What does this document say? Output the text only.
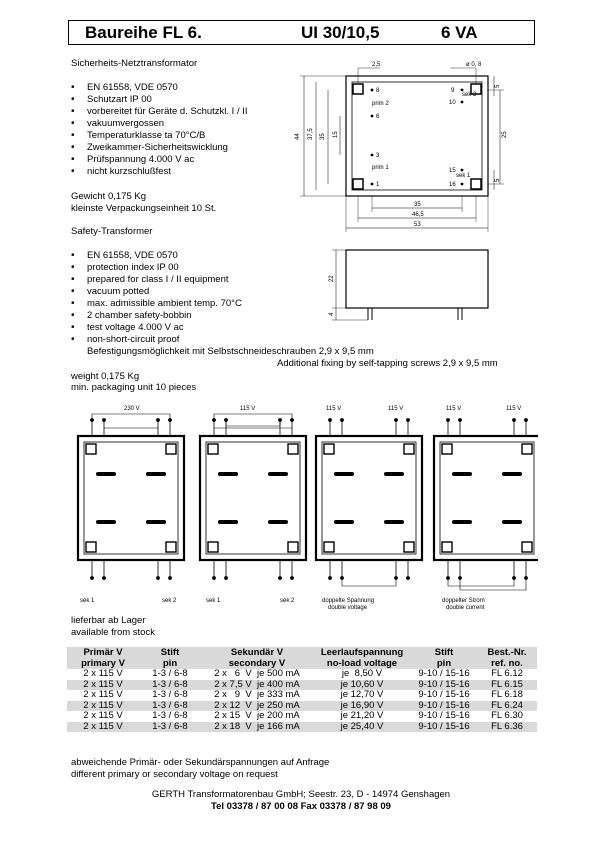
Baureihe FL 6.	UI 30/10,5	6 VA
Sicherheits-Netztransformator
• EN 61558, VDE 0570
• Schutzart IP 00
• vorbereitet für Geräte d. Schutzkl. I / II
• vakuumvergossen
• Temperaturklasse ta 70°C/B
• Zweikammer-Sicherheitswicklung
• Prüfspannung 4.000 V ac
• nicht kurzschlußfest
Gewicht 0,175 Kg
kleinste Verpackungseinheit 10 St.
Safety-Transformer
• EN 61558, VDE 0570
• protection index IP 00
• prepared for class I / II equipment
• vacuum potted
• max. admissible ambient temp. 70°C
• 2 chamber safety-bobbin
• test voltage 4.000 V ac
• non-short-circuit proof
Befestigungsmöglichkeit mit Selbstschneideschrauben 2,9 x 9,5 mm
Additional fixing by self-tapping screws 2,9 x 9,5 mm
weight 0,175 Kg
min. packaging unit 10 pieces
2,5	ø 0, 8
44 37,5 35 15	25
5
5
35
46,5
53
8
6
3
1
9
10
15
16
prim 2
prim 1
sek 2
sek 1
22
4
230 V
sek 1	sek 2
115 V
sek 1	sek 2
115 V	115 V
doppelte Spannung
double voltage
115 V	115 V
doppelter Strom
double current
lieferbar ab Lager
available from stock
Primär V	Stift	Sekundär V	Leerlaufspannung	Stift	Best.-Nr.
primary V	pin	secondary V	no-load voltage	pin	ref. no.
2 x 115 V	1-3 / 6-8	2 x   6  V  je 500 mA	je  8,50 V	9-10 / 15-16	FL 6.12
2 x 115 V	1-3 / 6-8	2 x 7,5 V  je 400 mA	je 10,60 V	9-10 / 15-16	FL 6.15
2 x 115 V	1-3 / 6-8	2 x   9  V  je 333 mA	je 12,70 V	9-10 / 15-16	FL 6.18
2 x 115 V	1-3 / 6-8	2 x 12  V  je 250 mA	je 16,90 V	9-10 / 15-16	FL 6.24
2 x 115 V	1-3 / 6-8	2 x 15  V  je 200 mA	je 21,20 V	9-10 / 15-16	FL 6.30
2 x 115 V	1-3 / 6-8	2 x 18  V  je 166 mA	je 25,40 V	9-10 / 15-16	FL 6.36
abweichende Primär- oder Sekundärspannungen auf Anfrage
different primary or secondary voltage on request
GERTH Transformatorenbau GmbH; Seestr. 23, D - 14974 Genshagen
Tel 03378 / 87 00 08 Fax 03378 / 87 98 09
